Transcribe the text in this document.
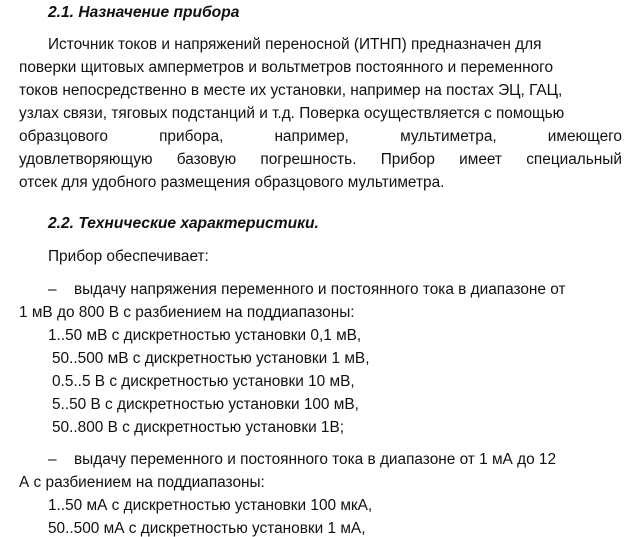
2.1. Назначение прибора
Источник токов и напряжений переносной (ИТНП) предназначен для
поверки щитовых амперметров и вольтметров постоянного и переменного
токов непосредственно в месте их установки, например на постах ЭЦ, ГАЦ,
узлах связи, тяговых подстанций и т.д. Поверка осуществляется с помощью
образцового	прибора,	например,	мультиметра,	имеющего
удовлетворяющую базовую погрешность. Прибор имеет специальный
отсек для удобного размещения образцового мультиметра.
2.2. Технические характеристики.
Прибор обеспечивает:
– выдачу напряжения переменного и постоянного тока в диапазоне от
1 мВ до 800 В с разбиением на поддиапазоны:
1..50 мВ с дискретностью установки 0,1 мВ,
50..500 мВ с дискретностью установки 1 мВ,
0.5..5 В с дискретностью установки 10 мВ,
5..50 В с дискретностью установки 100 мВ,
50..800 В с дискретностью установки 1В;
– выдачу переменного и постоянного тока в диапазоне от 1 мА до 12
А с разбиением на поддиапазоны:
1..50 мА с дискретностью установки 100 мкА,
50..500 мА с дискретностью установки 1 мА,
